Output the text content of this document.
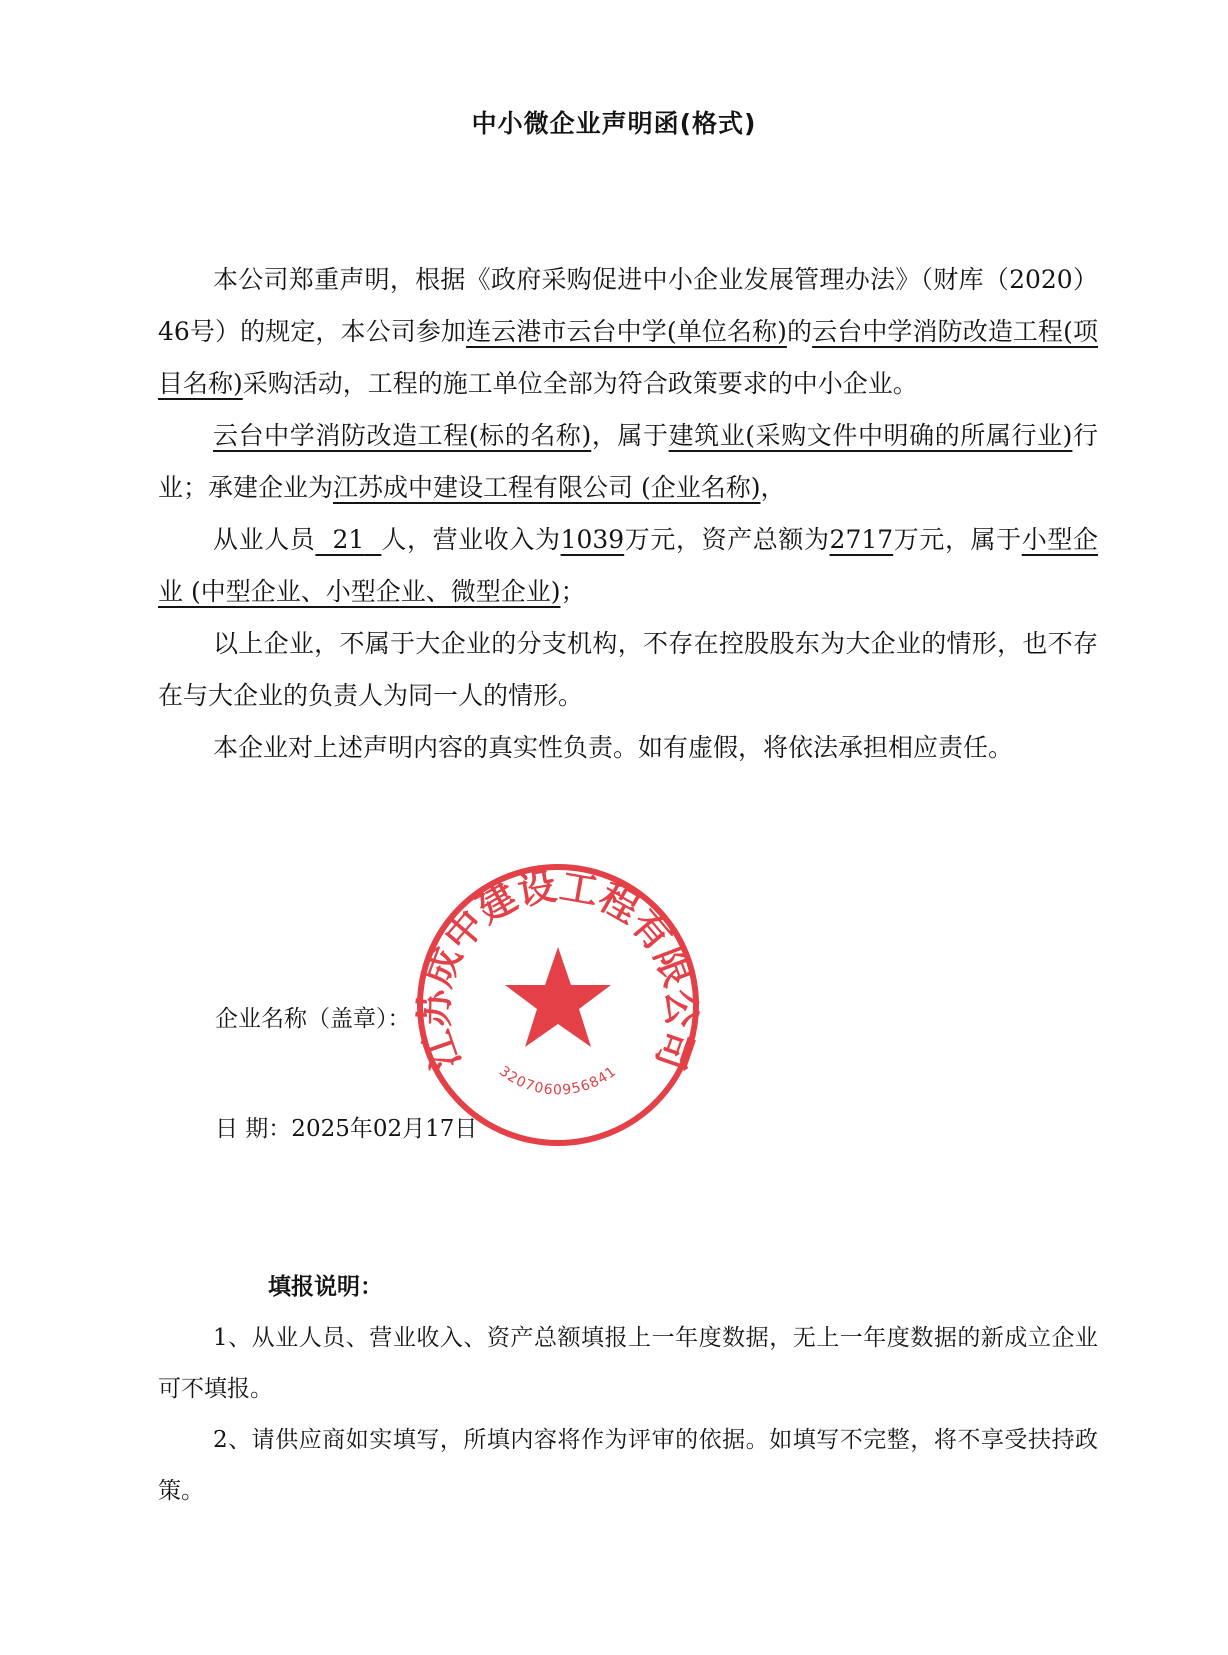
中小微企业声明函(格式)

本公司郑重声明，根据《政府采购促进中小企业发展管理办法》（财库（2020）46号）的规定，本公司参加连云港市云台中学(单位名称)的云台中学消防改造工程(项目名称)采购活动，工程的施工单位全部为符合政策要求的中小企业。

云台中学消防改造工程(标的名称)，属于建筑业(采购文件中明确的所属行业)行业；承建企业为江苏成中建设工程有限公司 (企业名称)，

从业人员 21 人，营业收入为1039万元，资产总额为2717万元，属于小型企业 (中型企业、小型企业、微型企业)；

以上企业，不属于大企业的分支机构，不存在控股股东为大企业的情形，也不存在与大企业的负责人为同一人的情形。

本企业对上述声明内容的真实性负责。如有虚假，将依法承担相应责任。

企业名称（盖章）：
日 期：2025年02月17日
江苏成中建设工程有限公司
3207060956841

填报说明：

1、从业人员、营业收入、资产总额填报上一年度数据，无上一年度数据的新成立企业可不填报。

2、请供应商如实填写，所填内容将作为评审的依据。如填写不完整，将不享受扶持政策。
